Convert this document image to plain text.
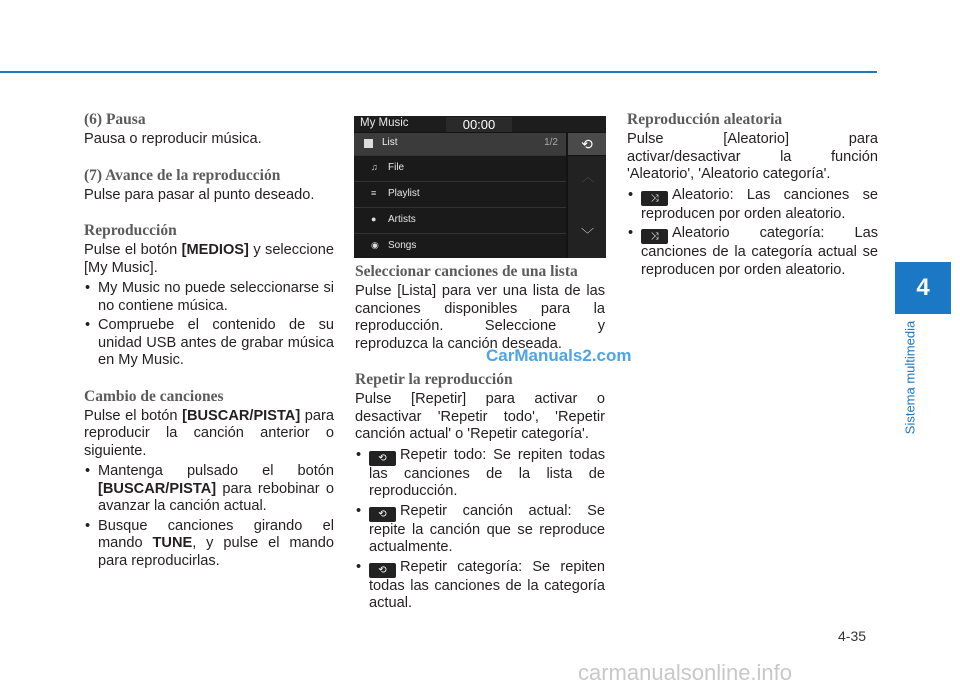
(6) Pausa

Pausa o reproducir música.

(7) Avance de la reproducción

Pulse para pasar al punto deseado.

Reproducción

Pulse el botón [MEDIOS] y seleccione [My Music].

• My Music no puede seleccionarse si no contiene música.
• Compruebe el contenido de su unidad USB antes de grabar música en My Music.
Cambio de canciones

Pulse el botón [BUSCAR/PISTA] para reproducir la canción anterior o siguiente.

• Mantenga pulsado el botón [BUSCAR/PISTA] para rebobinar o avanzar la canción actual.
• Busque canciones girando el mando TUNE, y pulse el mando para reproducirlas.
My Music	00:00
List	1/2	⟲
♫ File
≡ Playlist
● Artists
◉ Songs
︿
﹀
Seleccionar canciones de una lista

Pulse [Lista] para ver una lista de las canciones disponibles para la reproducción. Seleccione y reproduzca la canción deseada.

Repetir la reproducción

Pulse [Repetir] para activar o desactivar 'Repetir todo', 'Repetir canción actual' o 'Repetir categoría'.

• ⟲ Repetir todo: Se repiten todas las canciones de la lista de reproducción.
• ⟲ Repetir canción actual: Se repite la canción que se reproduce actualmente.
• ⟲ Repetir categoría: Se repiten todas las canciones de la categoría actual.
Reproducción aleatoria

Pulse [Aleatorio] para activar/desactivar la función 'Aleatorio', 'Aleatorio categoría'.

• ⤨ Aleatorio: Las canciones se reproducen por orden aleatorio.
• ⤨ Aleatorio categoría: Las canciones de la categoría actual se reproducen por orden aleatorio.
CarManuals2.com
4
Sistema multimedia
4-35
carmanualsonline.info
